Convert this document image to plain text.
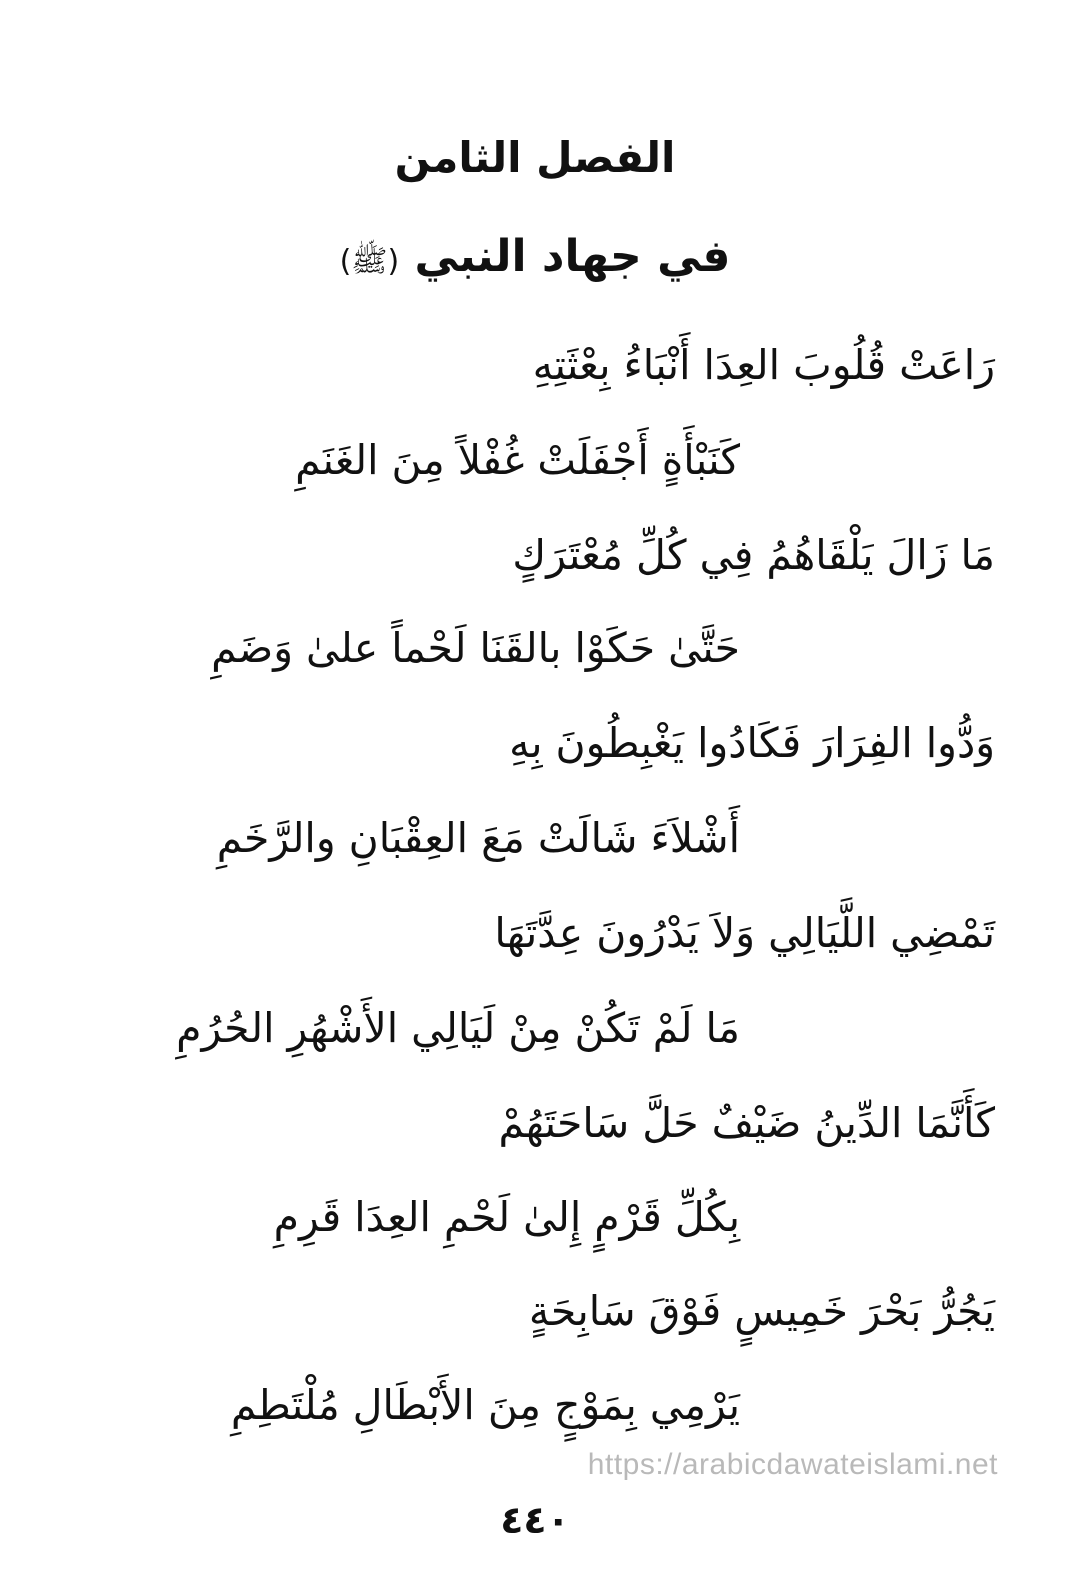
الفصل الثامن
في جهاد النبي (ﷺ)
رَاعَتْ قُلُوبَ العِدَا أَنْبَاءُ بِعْثَتِهِ
كَنَبْأَةٍ أَجْفَلَتْ غُفْلاً مِنَ الغَنَمِ
مَا زَالَ يَلْقَاهُمُ فِي كُلِّ مُعْتَرَكٍ
حَتَّىٰ حَكَوْا بالقَنَا لَحْماً علىٰ وَضَمِ
وَدُّوا الفِرَارَ فَكَادُوا يَغْبِطُونَ بِهِ
أَشْلاَءَ شَالَتْ مَعَ العِقْبَانِ والرَّخَمِ
تَمْضِي اللَّيَالِي وَلاَ يَدْرُونَ عِدَّتَهَا
مَا لَمْ تَكُنْ مِنْ لَيَالِي الأَشْهُرِ الحُرُمِ
كَأَنَّمَا الدِّينُ ضَيْفٌ حَلَّ سَاحَتَهُمْ
بِكُلِّ قَرْمٍ إِلىٰ لَحْمِ العِدَا قَرِمِ
يَجُرُّ بَحْرَ خَمِيسٍ فَوْقَ سَابِحَةٍ
يَرْمِي بِمَوْجٍ مِنَ الأَبْطَالِ مُلْتَطِمِ
https://arabicdawateislami.net
٤٤٠
